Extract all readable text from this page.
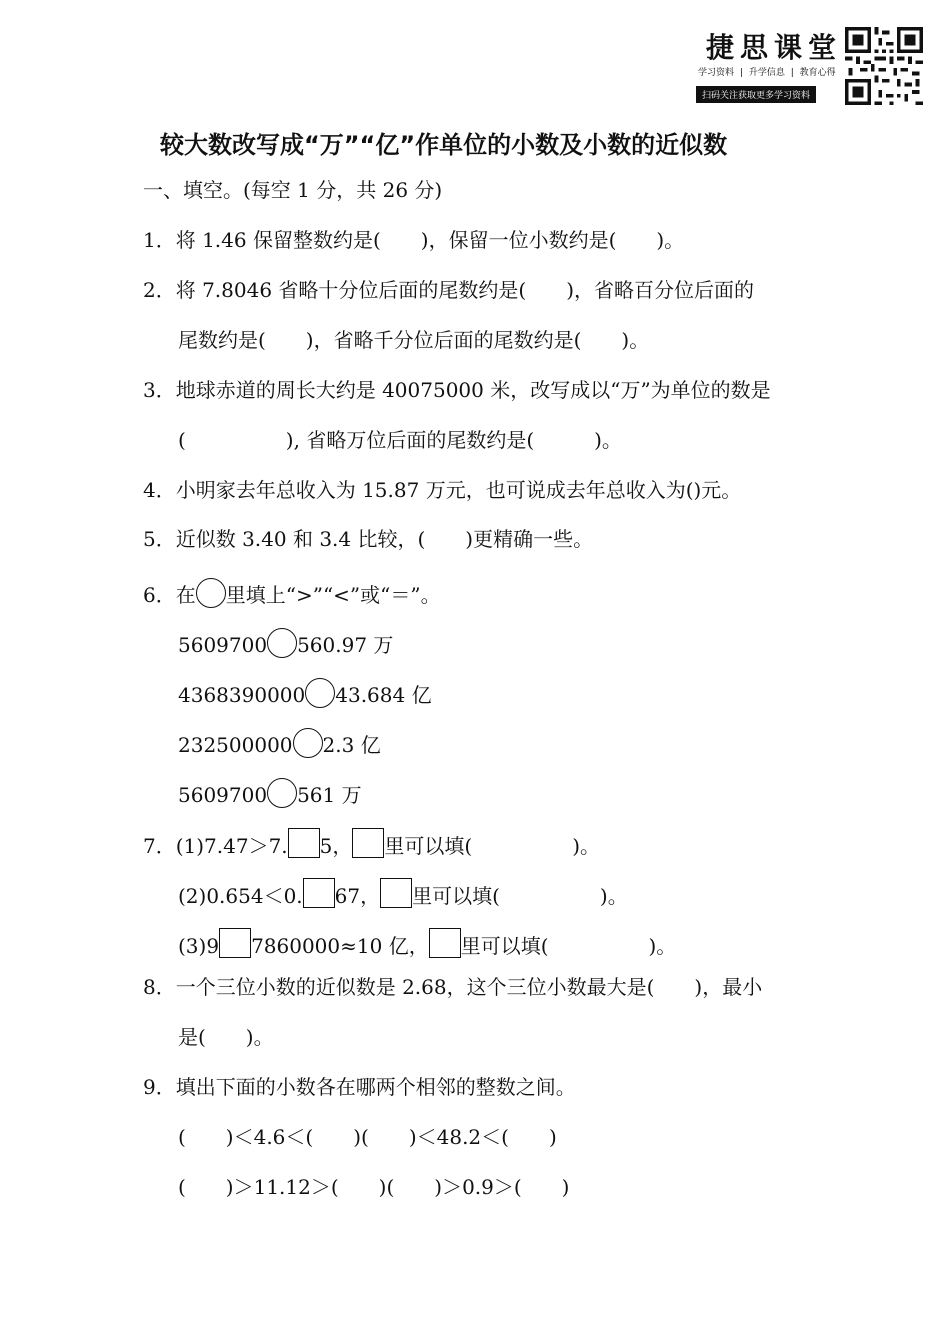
捷思课堂
学习资料 | 升学信息 | 教育心得
扫码关注获取更多学习资料
较大数改写成“万”“亿”作单位的小数及小数的近似数
一、填空。(每空 1 分，共 26 分)
1．将 1.46 保留整数约是(　　)，保留一位小数约是(　　)。
2．将 7.8046 省略十分位后面的尾数约是(　　)，省略百分位后面的
尾数约是(　　)，省略千分位后面的尾数约是(　　)。
3．地球赤道的周长大约是 40075000 米，改写成以“万”为单位的数是
(　　　　　), 省略万位后面的尾数约是(　　　)。
4．小明家去年总收入为 15.87 万元，也可说成去年总收入为()元。
5．近似数 3.40 和 3.4 比较，(　　)更精确一些。
6．在 里填上“>”“<”或“＝”。
5609700 560.97 万
4368390000 43.684 亿
232500000 2.3 亿
5609700 561 万
7．(1)7.47＞7. 5， 里可以填(　　　　　)。
(2)0.654＜0. 67， 里可以填(　　　　　)。
(3)9 7860000≈10 亿， 里可以填(　　　　　)。
8．一个三位小数的近似数是 2.68，这个三位小数最大是(　　)，最小
是(　　)。
9．填出下面的小数各在哪两个相邻的整数之间。
(　　)＜4.6＜(　　)(　　)＜48.2＜(　　)
(　　)＞11.12＞(　　)(　　)＞0.9＞(　　)
